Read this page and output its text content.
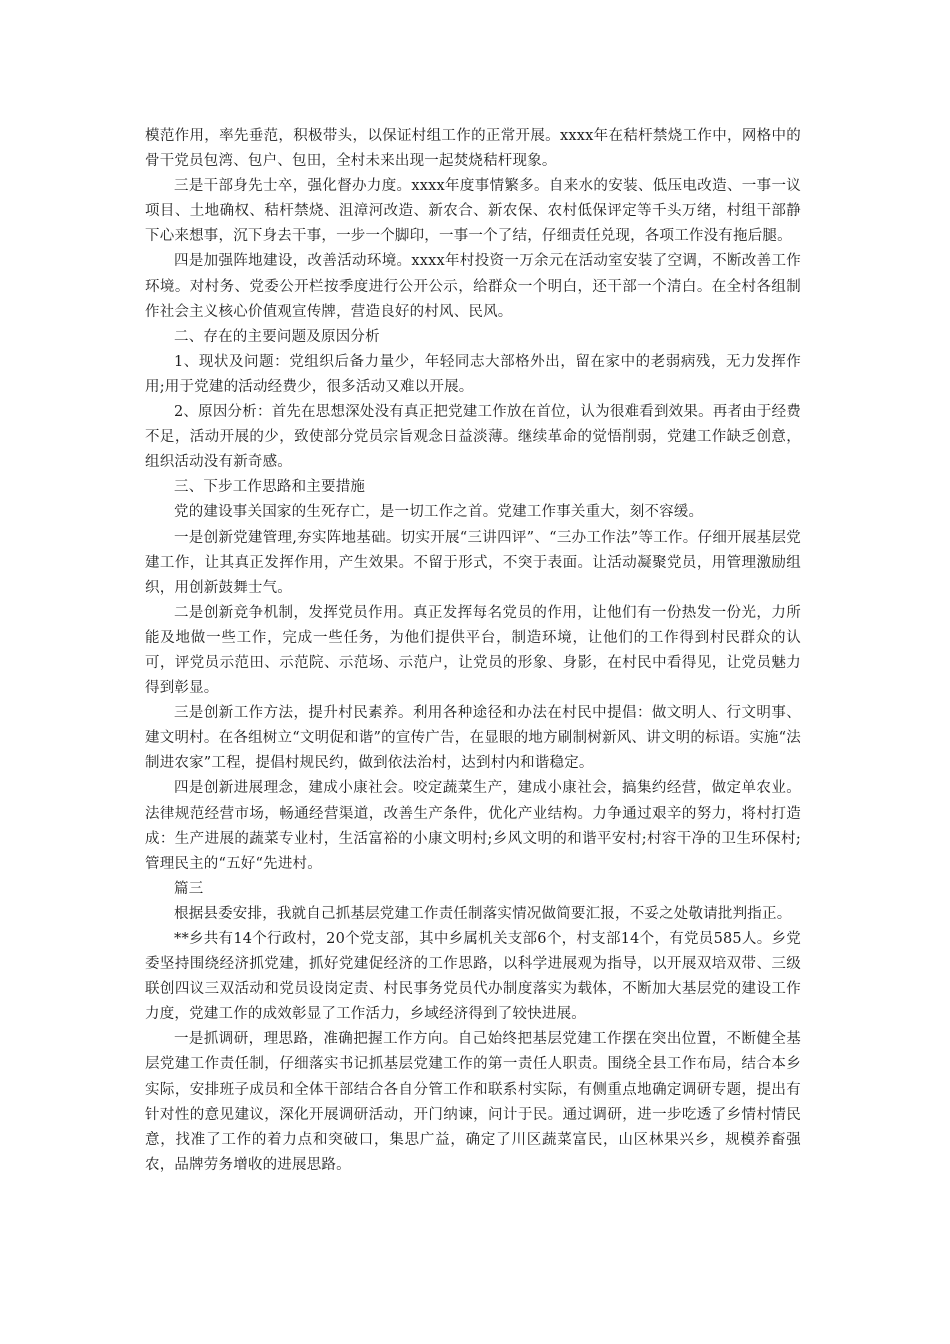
模范作用，率先垂范，积极带头，以保证村组工作的正常开展。xxxx年在秸杆禁烧工作中，网格中的骨干党员包湾、包户、包田，全村未来出现一起焚烧秸杆现象。

三是干部身先士卒，强化督办力度。xxxx年度事情繁多。自来水的安装、低压电改造、一事一议项目、土地确权、秸杆禁烧、沮漳河改造、新农合、新农保、农村低保评定等千头万绪，村组干部静下心来想事，沉下身去干事，一步一个脚印，一事一个了结，仔细责任兑现，各项工作没有拖后腿。

四是加强阵地建设，改善活动环境。xxxx年村投资一万余元在活动室安装了空调，不断改善工作环境。对村务、党委公开栏按季度进行公开公示，给群众一个明白，还干部一个清白。在全村各组制作社会主义核心价值观宣传牌，营造良好的村风、民风。

二、存在的主要问题及原因分析

1、现状及问题：党组织后备力量少，年轻同志大部格外出，留在家中的老弱病残，无力发挥作用;用于党建的活动经费少，很多活动又难以开展。

2、原因分析：首先在思想深处没有真正把党建工作放在首位，认为很难看到效果。再者由于经费不足，活动开展的少，致使部分党员宗旨观念日益淡薄。继续革命的觉悟削弱，党建工作缺乏创意，组织活动没有新奇感。

三、下步工作思路和主要措施

党的建设事关国家的生死存亡，是一切工作之首。党建工作事关重大，刻不容缓。

一是创新党建管理,夯实阵地基础。切实开展“三讲四评”、“三办工作法”等工作。仔细开展基层党建工作，让其真正发挥作用，产生效果。不留于形式，不突于表面。让活动凝聚党员，用管理激励组织，用创新鼓舞士气。

二是创新竞争机制，发挥党员作用。真正发挥每名党员的作用，让他们有一份热发一份光，力所能及地做一些工作，完成一些任务，为他们提供平台，制造环境，让他们的工作得到村民群众的认可，评党员示范田、示范院、示范场、示范户，让党员的形象、身影，在村民中看得见，让党员魅力得到彰显。

三是创新工作方法，提升村民素养。利用各种途径和办法在村民中提倡：做文明人、行文明事、建文明村。在各组树立“文明促和谐”的宣传广告，在显眼的地方刷制树新风、讲文明的标语。实施“法制进农家”工程，提倡村规民约，做到依法治村，达到村内和谐稳定。

四是创新进展理念，建成小康社会。咬定蔬菜生产，建成小康社会，搞集约经营，做定单农业。法律规范经营市场，畅通经营渠道，改善生产条件，优化产业结构。力争通过艰辛的努力，将村打造成：生产进展的蔬菜专业村，生活富裕的小康文明村;乡风文明的和谐平安村;村容干净的卫生环保村;管理民主的“五好“先进村。

篇三

根据县委安排，我就自己抓基层党建工作责任制落实情况做简要汇报，不妥之处敬请批判指正。

**乡共有14个行政村，20个党支部，其中乡属机关支部6个，村支部14个，有党员585人。乡党委坚持围绕经济抓党建，抓好党建促经济的工作思路，以科学进展观为指导，以开展双培双带、三级联创四议三双活动和党员设岗定责、村民事务党员代办制度落实为载体，不断加大基层党的建设工作力度，党建工作的成效彰显了工作活力，乡域经济得到了较快进展。

一是抓调研，理思路，准确把握工作方向。自己始终把基层党建工作摆在突出位置，不断健全基层党建工作责任制，仔细落实书记抓基层党建工作的第一责任人职责。围绕全县工作布局，结合本乡实际，安排班子成员和全体干部结合各自分管工作和联系村实际，有侧重点地确定调研专题，提出有针对性的意见建议，深化开展调研活动，开门纳谏，问计于民。通过调研，进一步吃透了乡情村情民意，找准了工作的着力点和突破口，集思广益，确定了川区蔬菜富民，山区林果兴乡，规模养畜强农，品牌劳务增收的进展思路。
